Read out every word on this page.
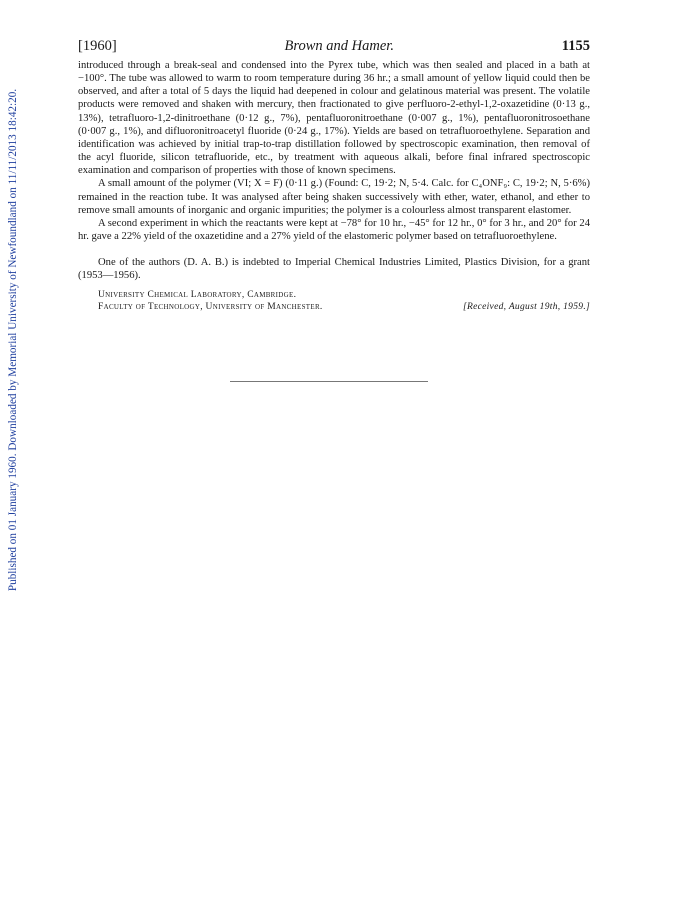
Published on 01 January 1960. Downloaded by Memorial University of Newfoundland on 11/11/2013 18:42:20.
[1960]	Brown and Hamer.	1155

introduced through a break-seal and condensed into the Pyrex tube, which was then sealed and placed in a bath at −100°. The tube was allowed to warm to room temperature during 36 hr.; a small amount of yellow liquid could then be observed, and after a total of 5 days the liquid had deepened in colour and gelatinous material was present. The volatile products were removed and shaken with mercury, then fractionated to give perfluoro-2-ethyl-1,2-oxazetidine (0·13 g., 13%), tetrafluoro-1,2-dinitroethane (0·12 g., 7%), pentafluoronitroethane (0·007 g., 1%), pentafluoronitrosoethane (0·007 g., 1%), and difluoronitroacetyl fluoride (0·24 g., 17%). Yields are based on tetrafluoroethylene. Separation and identification was achieved by initial trap-to-trap distillation followed by spectroscopic examination, then removal of the acyl fluoride, silicon tetrafluoride, etc., by treatment with aqueous alkali, before final infrared spectroscopic examination and comparison of properties with those of known specimens.

A small amount of the polymer (VI; X = F) (0·11 g.) (Found: C, 19·2; N, 5·4. Calc. for C₄ONF₉: C, 19·2; N, 5·6%) remained in the reaction tube. It was analysed after being shaken successively with ether, water, ethanol, and ether to remove small amounts of inorganic and organic impurities; the polymer is a colourless almost transparent elastomer.

A second experiment in which the reactants were kept at −78° for 10 hr., −45° for 12 hr., 0° for 3 hr., and 20° for 24 hr. gave a 22% yield of the oxazetidine and a 27% yield of the elastomeric polymer based on tetrafluoroethylene.

One of the authors (D. A. B.) is indebted to Imperial Chemical Industries Limited, Plastics Division, for a grant (1953—1956).

University Chemical Laboratory, Cambridge.
Faculty of Technology, University of Manchester.	[Received, August 19th, 1959.]
